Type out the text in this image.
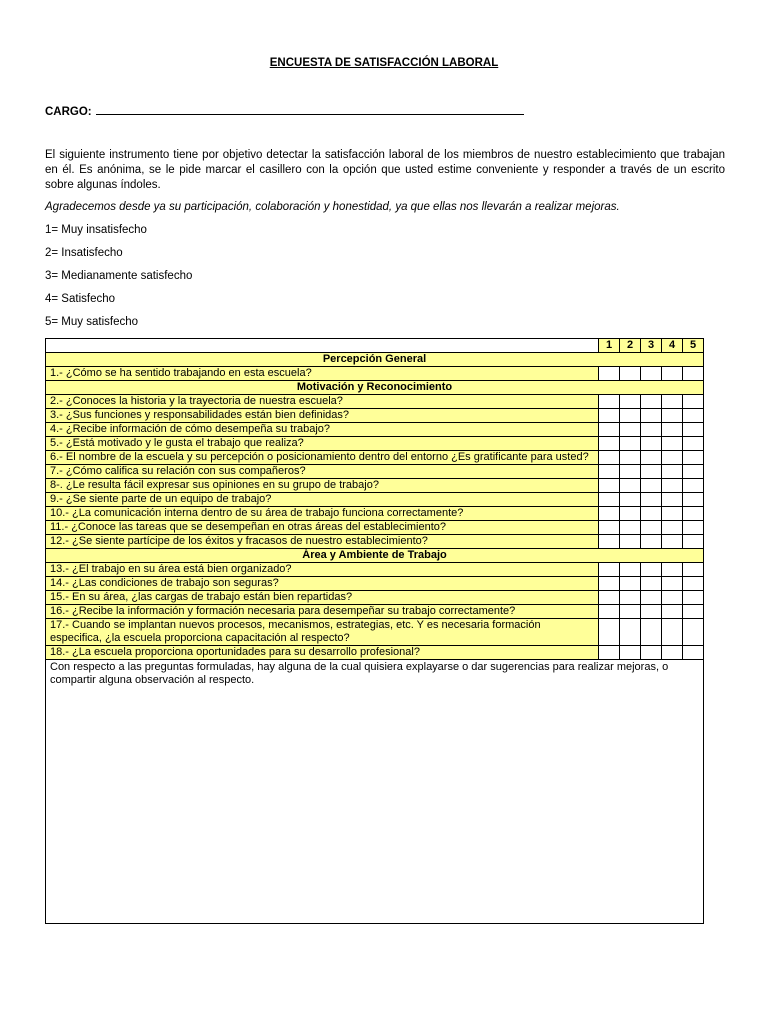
ENCUESTA DE SATISFACCIÓN LABORAL
CARGO:
El siguiente instrumento tiene por objetivo detectar la satisfacción laboral de los miembros de nuestro establecimiento que trabajan en él. Es anónima, se le pide marcar el casillero con la opción que usted estime conveniente y responder a través de un escrito sobre algunas índoles.
Agradecemos desde ya su participación, colaboración y honestidad, ya que ellas nos llevarán a realizar mejoras.
1= Muy insatisfecho
2= Insatisfecho
3= Medianamente satisfecho
4= Satisfecho
5= Muy satisfecho
	1	2	3	4	5
Percepción General					
1.- ¿Cómo se ha sentido trabajando en esta escuela?					
Motivación y Reconocimiento					
2.- ¿Conoces la historia y la trayectoria de nuestra escuela?					
3.- ¿Sus funciones y responsabilidades están bien definidas?					
4.- ¿Recibe información de cómo desempeña su trabajo?					
5.- ¿Está motivado y le gusta el trabajo que realiza?					
6.- El nombre de la escuela y su percepción o posicionamiento dentro del entorno ¿Es gratificante para usted?					
7.- ¿Cómo califica su relación con sus compañeros?					
8-. ¿Le resulta fácil expresar sus opiniones en su grupo de trabajo?					
9.- ¿Se siente parte de un equipo de trabajo?					
10.- ¿La comunicación interna dentro de su área de trabajo funciona correctamente?					
11.- ¿Conoce las tareas que se desempeñan en otras áreas del establecimiento?					
12.- ¿Se siente partícipe de los éxitos y fracasos de nuestro establecimiento?					
Área y Ambiente de Trabajo					
13.- ¿El trabajo en su área está bien organizado?					
14.- ¿Las condiciones de trabajo son seguras?					
15.- En su área, ¿las cargas de trabajo están bien repartidas?					
16.- ¿Recibe la información y formación necesaria para desempeñar su trabajo correctamente?					
17.- Cuando se implantan nuevos procesos, mecanismos, estrategias, etc. Y es necesaria formación especifica, ¿la escuela proporciona capacitación al respecto?					
18.- ¿La escuela proporciona oportunidades para su desarrollo profesional?					

Con respecto a las preguntas formuladas, hay alguna de la cual quisiera explayarse o dar sugerencias para realizar mejoras, o compartir alguna observación al respecto.					
